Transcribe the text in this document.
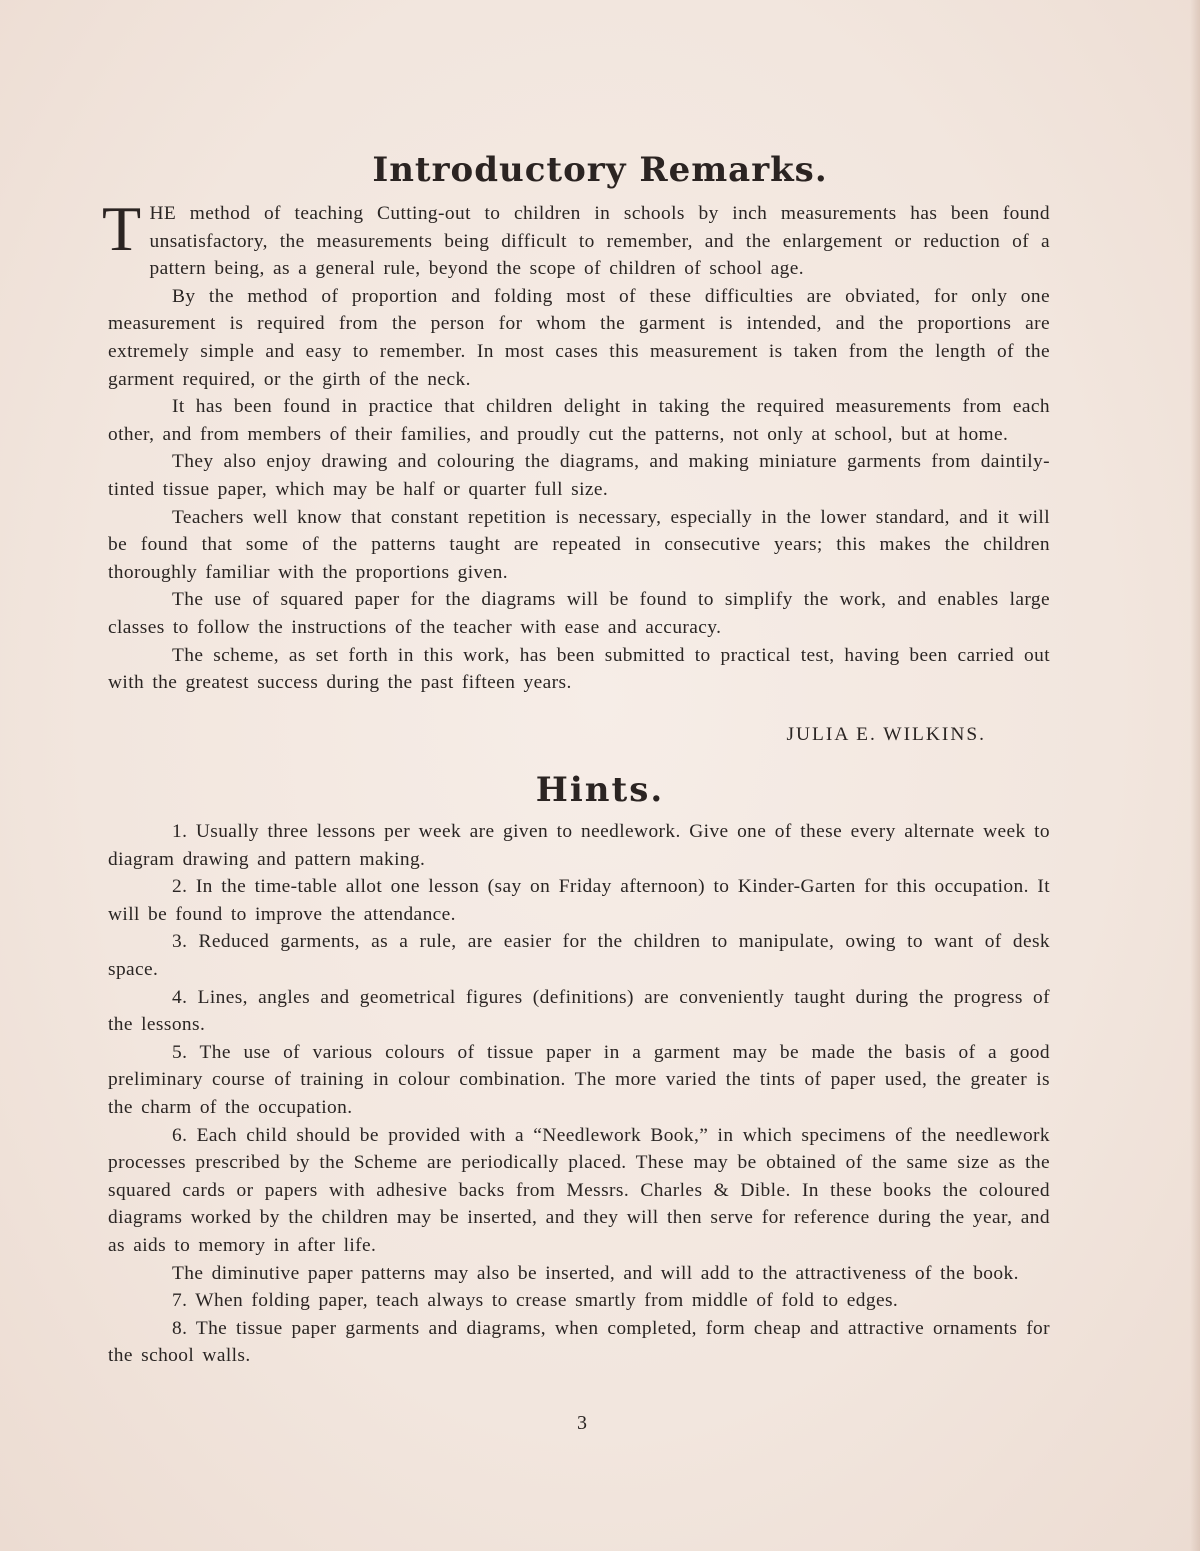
Introductory Remarks.

THE method of teaching Cutting-out to children in schools by inch measurements has been found unsatisfactory, the measurements being difficult to remember, and the enlargement or reduction of a pattern being, as a general rule, beyond the scope of children of school age.

By the method of proportion and folding most of these difficulties are obviated, for only one measurement is required from the person for whom the garment is intended, and the proportions are extremely simple and easy to remember. In most cases this measurement is taken from the length of the garment required, or the girth of the neck.

It has been found in practice that children delight in taking the required measurements from each other, and from members of their families, and proudly cut the patterns, not only at school, but at home.

They also enjoy drawing and colouring the diagrams, and making miniature garments from daintily-tinted tissue paper, which may be half or quarter full size.

Teachers well know that constant repetition is necessary, especially in the lower standard, and it will be found that some of the patterns taught are repeated in consecutive years; this makes the children thoroughly familiar with the proportions given.

The use of squared paper for the diagrams will be found to simplify the work, and enables large classes to follow the instructions of the teacher with ease and accuracy.

The scheme, as set forth in this work, has been submitted to practical test, having been carried out with the greatest success during the past fifteen years.

JULIA E. WILKINS.
Hints.

1. Usually three lessons per week are given to needlework. Give one of these every alternate week to diagram drawing and pattern making.

2. In the time-table allot one lesson (say on Friday afternoon) to Kinder-Garten for this occupation. It will be found to improve the attendance.

3. Reduced garments, as a rule, are easier for the children to manipulate, owing to want of desk space.

4. Lines, angles and geometrical figures (definitions) are conveniently taught during the progress of the lessons.

5. The use of various colours of tissue paper in a garment may be made the basis of a good preliminary course of training in colour combination. The more varied the tints of paper used, the greater is the charm of the occupation.

6. Each child should be provided with a “Needlework Book,” in which specimens of the needlework processes prescribed by the Scheme are periodically placed. These may be obtained of the same size as the squared cards or papers with adhesive backs from Messrs. Charles & Dible. In these books the coloured diagrams worked by the children may be inserted, and they will then serve for reference during the year, and as aids to memory in after life.

The diminutive paper patterns may also be inserted, and will add to the attractiveness of the book.

7. When folding paper, teach always to crease smartly from middle of fold to edges.

8. The tissue paper garments and diagrams, when completed, form cheap and attractive ornaments for the school walls.

3
